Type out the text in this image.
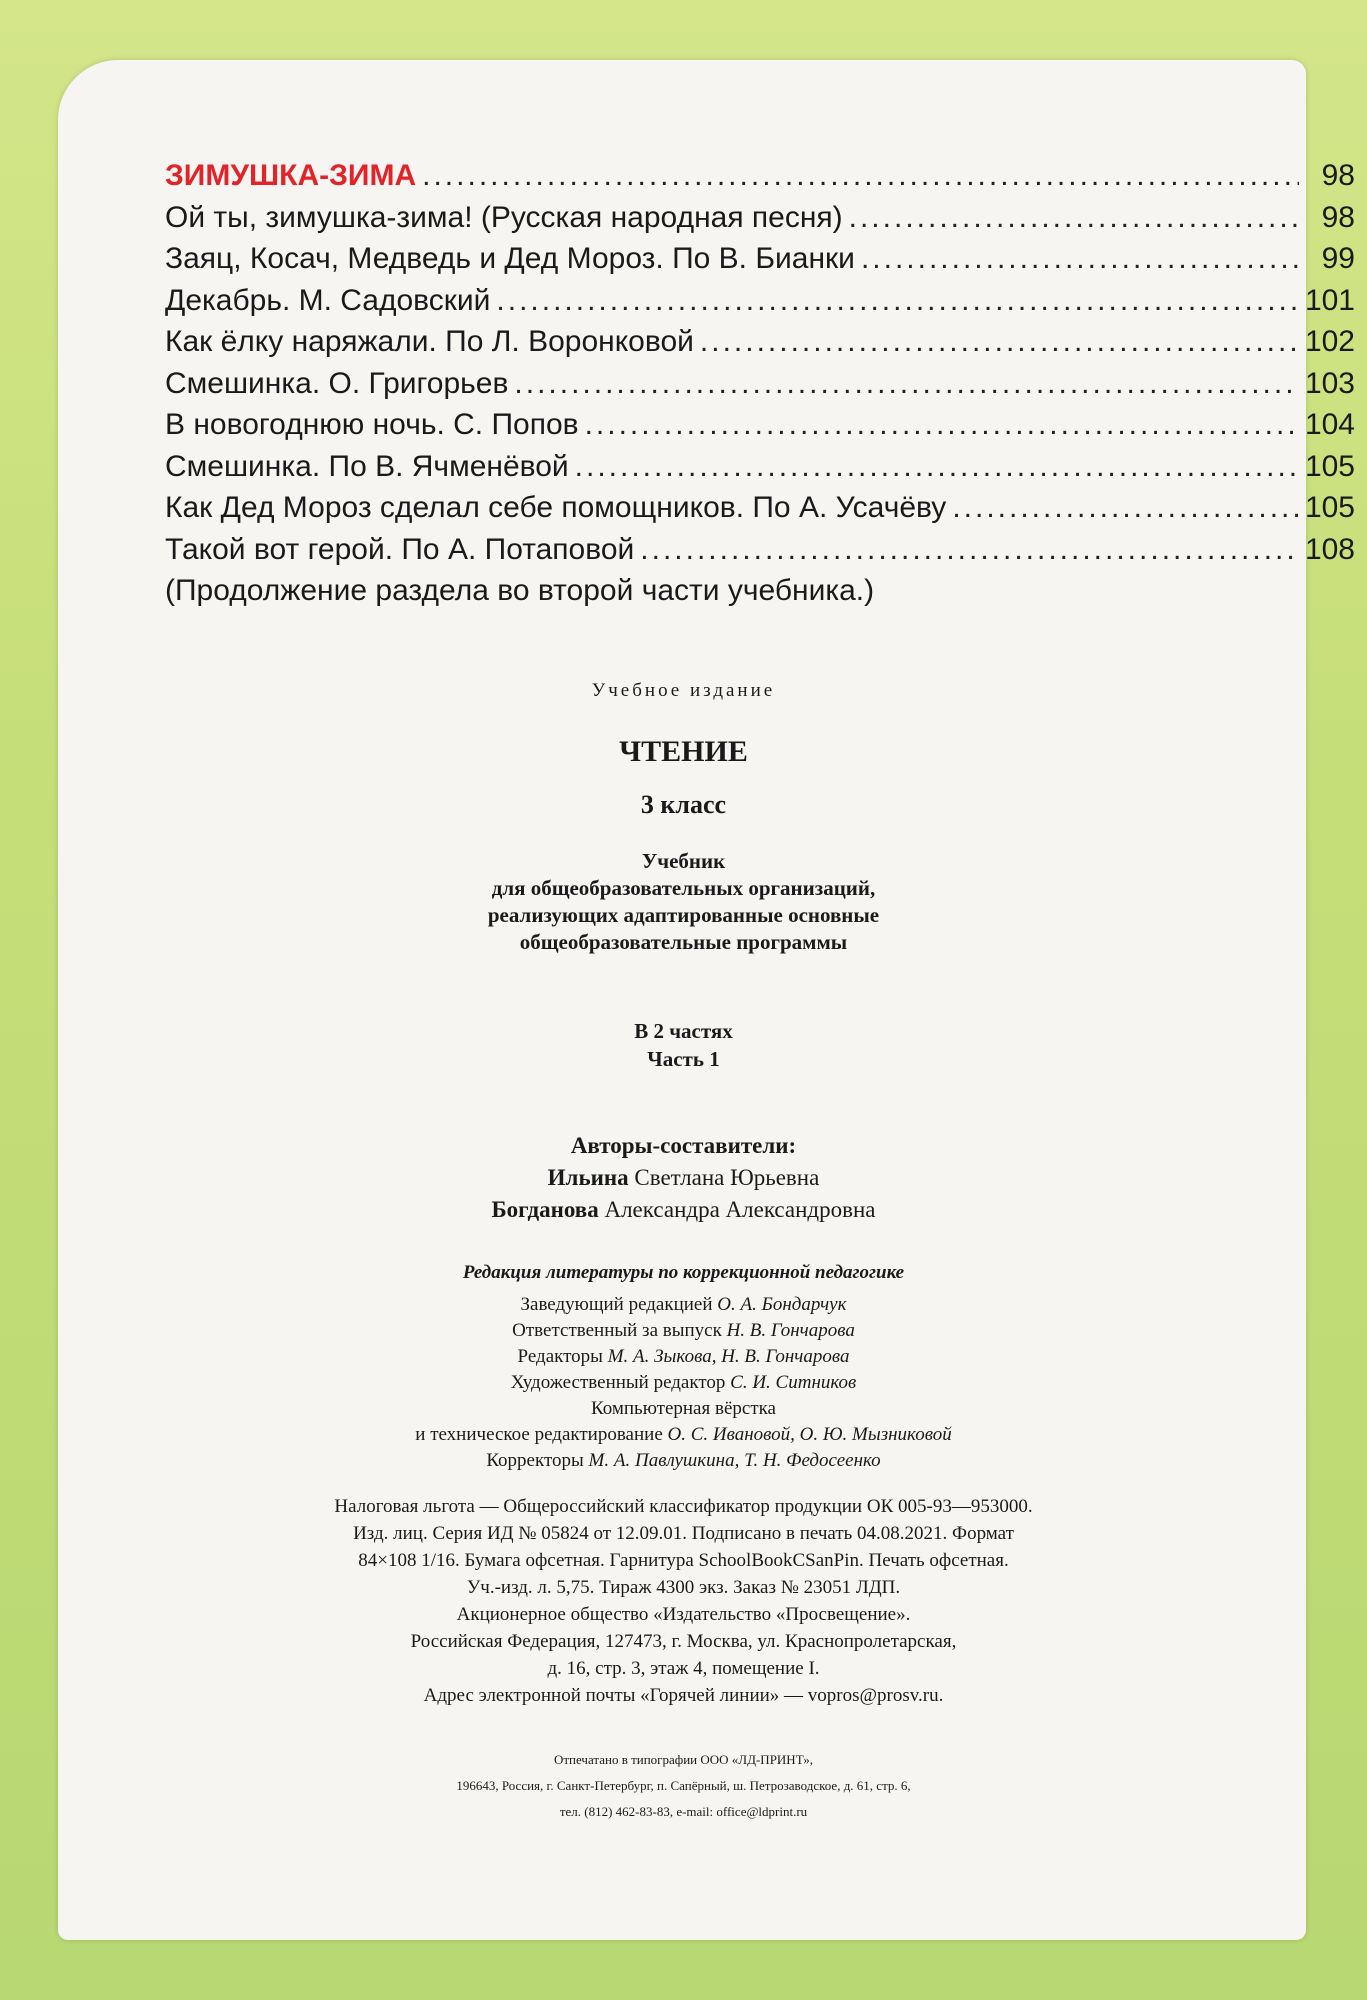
ЗИМУШКА-ЗИМА .....	98
Ой ты, зимушка-зима! (Русская народная песня) .....	98
Заяц, Косач, Медведь и Дед Мороз. По В. Бианки .....	99
Декабрь. М. Садовский .....	101
Как ёлку наряжали. По Л. Воронковой .....	102
Смешинка. О. Григорьев .....	103
В новогоднюю ночь. С. Попов .....	104
Смешинка. По В. Ячменёвой .....	105
Как Дед Мороз сделал себе помощников. По А. Усачёву .....	105
Такой вот герой. По А. Потаповой .....	108
(Продолжение раздела во второй части учебника.)
Учебное издание
ЧТЕНИЕ
3 класс
Учебник
для общеобразовательных организаций,
реализующих адаптированные основные
общеобразовательные программы
В 2 частях
Часть 1
Авторы-составители:
Ильина Светлана Юрьевна
Богданова Александра Александровна
Редакция литературы по коррекционной педагогике
Заведующий редакцией О. А. Бондарчук
Ответственный за выпуск Н. В. Гончарова
Редакторы М. А. Зыкова, Н. В. Гончарова
Художественный редактор С. И. Ситников
Компьютерная вёрстка
и техническое редактирование О. С. Ивановой, О. Ю. Мызниковой
Корректоры М. А. Павлушкина, Т. Н. Федосеенко
Налоговая льгота — Общероссийский классификатор продукции ОК 005-93—953000.
Изд. лиц. Серия ИД № 05824 от 12.09.01. Подписано в печать 04.08.2021. Формат
84×108 1/16. Бумага офсетная. Гарнитура SchoolBookCSanPin. Печать офсетная.
Уч.-изд. л. 5,75. Тираж 4300 экз. Заказ № 23051 ЛДП.
Акционерное общество «Издательство «Просвещение».
Российская Федерация, 127473, г. Москва, ул. Краснопролетарская,
д. 16, стр. 3, этаж 4, помещение I.
Адрес электронной почты «Горячей линии» — vopros@prosv.ru.
Отпечатано в типографии ООО «ЛД-ПРИНТ»,
196643, Россия, г. Санкт-Петербург, п. Сапёрный, ш. Петрозаводское, д. 61, стр. 6,
тел. (812) 462-83-83, e-mail: office@ldprint.ru
